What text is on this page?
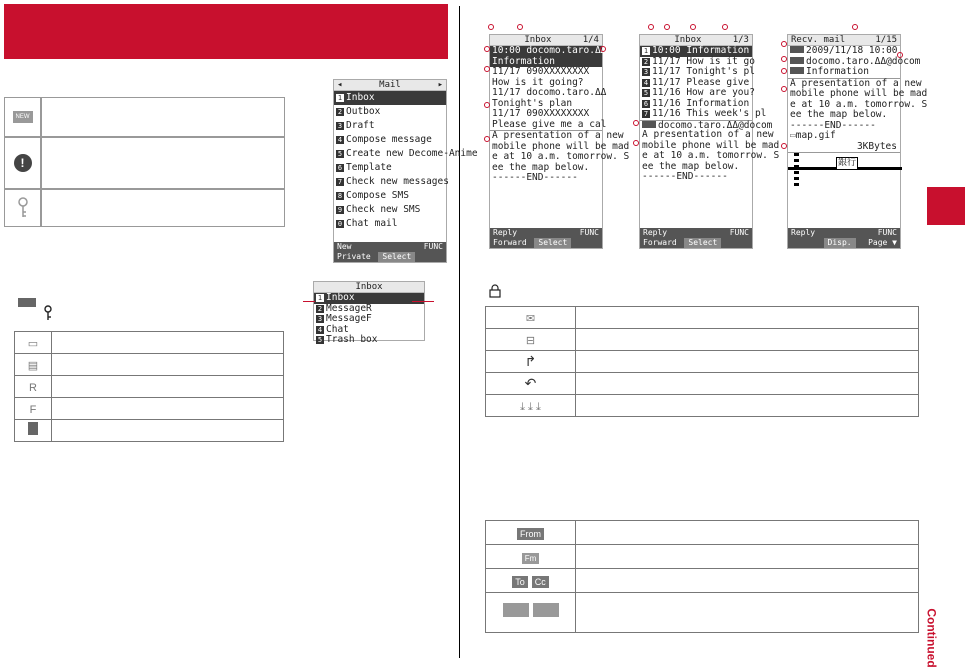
NEW
!
▭	
▤	
R	
F	

◂	Mail	▸
1 Inbox
2 Outbox
3 Draft
4 Compose message
5 Create new Decome-Anime
6 Template
7 Check new messages
8 Compose SMS
9 Check new SMS
0 Chat mail
New	FUNC
Private	Select
Inbox
1 Inbox
2 MessageR
3 MessageF
4 Chat
5 Trash box
Inbox	1/4
10:00 docomo.taro.ΔΔ
Information
11/17 090XXXXXXXX
How is it going?
11/17 docomo.taro.ΔΔ
Tonight's plan
11/17 090XXXXXXXX
Please give me a cal
A presentation of a new
mobile phone will be mad
e at 10 a.m. tomorrow. S
ee the map below.
------END------
Reply	FUNC
Forward	Select
Inbox	1/3
1 10:00 Information
2 11/17 How is it go
3 11/17 Tonight's pl
4 11/17 Please give
5 11/16 How are you?
6 11/16 Information
7 11/16 This week's pl
docomo.taro.ΔΔ@docom
A presentation of a new
mobile phone will be mad
e at 10 a.m. tomorrow. S
ee the map below.
------END------
Reply	FUNC
Forward	Select
Recv. mail	1/15
2009/11/18 10:00
docomo.taro.ΔΔ@docom
Information
A presentation of a new
mobile phone will be mad
e at 10 a.m. tomorrow. S
ee the map below.
------END------
▭map.gif
3KBytes
銀行
Reply	FUNC
Disp.	Page ▼
✉	
⊟	
↱	
↶	
⤓ ⤓ ⤓	
From	
Fm	
To Cc	

Continued
